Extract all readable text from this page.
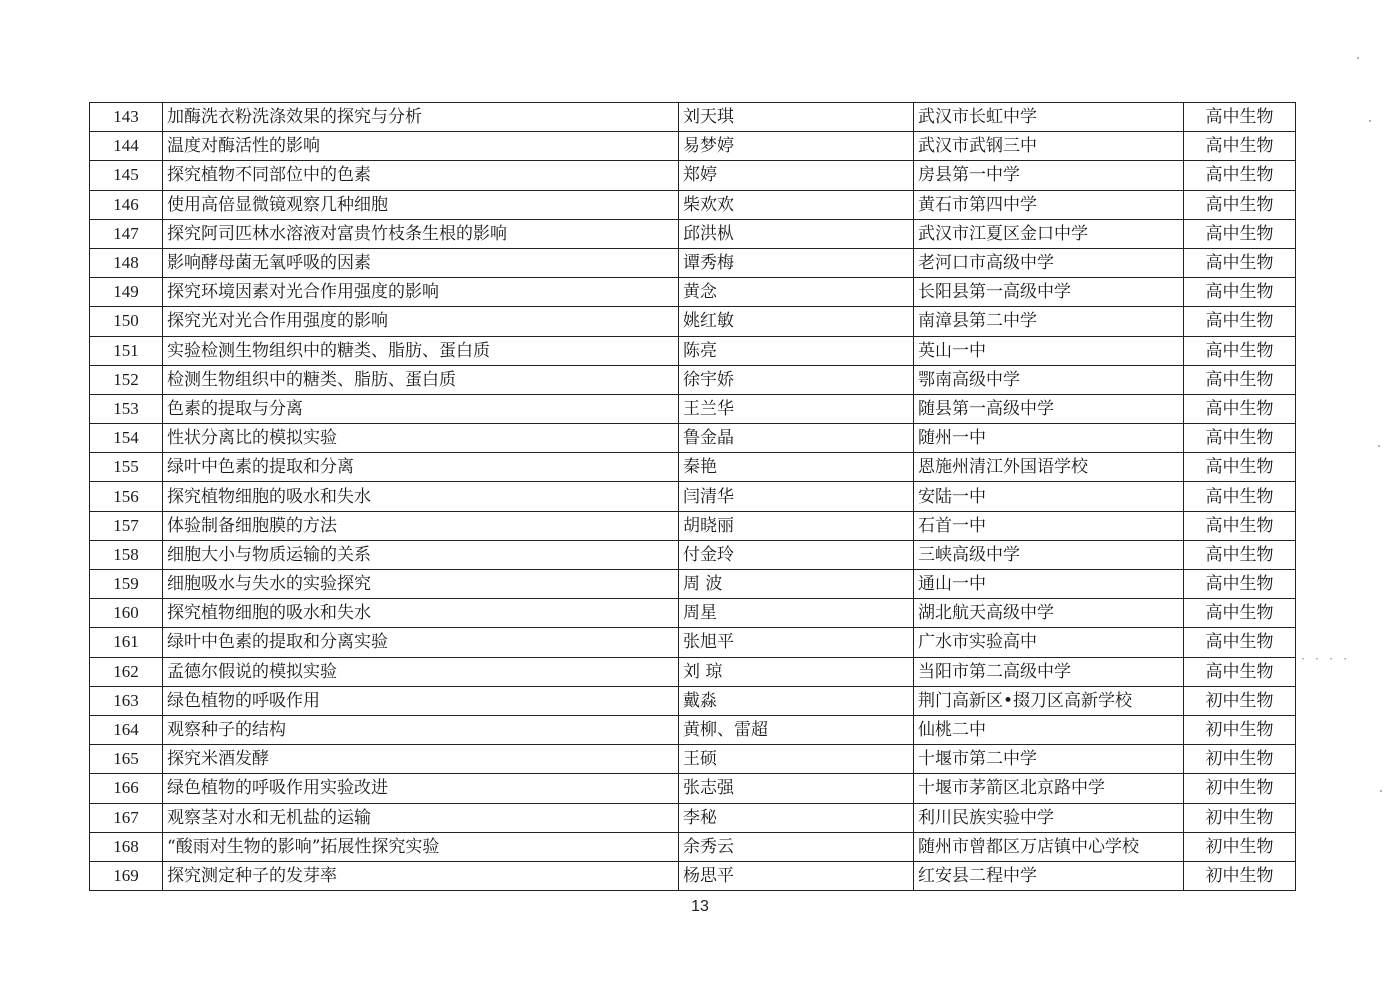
143	加酶洗衣粉洗涤效果的探究与分析	刘天琪	武汉市长虹中学	高中生物
144	温度对酶活性的影响	易梦婷	武汉市武钢三中	高中生物
145	探究植物不同部位中的色素	郑婷	房县第一中学	高中生物
146	使用高倍显微镜观察几种细胞	柴欢欢	黄石市第四中学	高中生物
147	探究阿司匹林水溶液对富贵竹枝条生根的影响	邱洪枞	武汉市江夏区金口中学	高中生物
148	影响酵母菌无氧呼吸的因素	谭秀梅	老河口市高级中学	高中生物
149	探究环境因素对光合作用强度的影响	黄念	长阳县第一高级中学	高中生物
150	探究光对光合作用强度的影响	姚红敏	南漳县第二中学	高中生物
151	实验检测生物组织中的糖类、脂肪、蛋白质	陈亮	英山一中	高中生物
152	检测生物组织中的糖类、脂肪、蛋白质	徐宇娇	鄂南高级中学	高中生物
153	色素的提取与分离	王兰华	随县第一高级中学	高中生物
154	性状分离比的模拟实验	鲁金晶	随州一中	高中生物
155	绿叶中色素的提取和分离	秦艳	恩施州清江外国语学校	高中生物
156	探究植物细胞的吸水和失水	闫清华	安陆一中	高中生物
157	体验制备细胞膜的方法	胡晓丽	石首一中	高中生物
158	细胞大小与物质运输的关系	付金玲	三峡高级中学	高中生物
159	细胞吸水与失水的实验探究	周 波	通山一中	高中生物
160	探究植物细胞的吸水和失水	周星	湖北航天高级中学	高中生物
161	绿叶中色素的提取和分离实验	张旭平	广水市实验高中	高中生物
162	孟德尔假说的模拟实验	刘 琼	当阳市第二高级中学	高中生物
163	绿色植物的呼吸作用	戴淼	荆门高新区•掇刀区高新学校	初中生物
164	观察种子的结构	黄柳、雷超	仙桃二中	初中生物
165	探究米酒发酵	王硕	十堰市第二中学	初中生物
166	绿色植物的呼吸作用实验改进	张志强	十堰市茅箭区北京路中学	初中生物
167	观察茎对水和无机盐的运输	李秘	利川民族实验中学	初中生物
168	“酸雨对生物的影响”拓展性探究实验	余秀云	随州市曾都区万店镇中心学校	初中生物
169	探究测定种子的发芽率	杨思平	红安县二程中学	初中生物
13
· · · ·
